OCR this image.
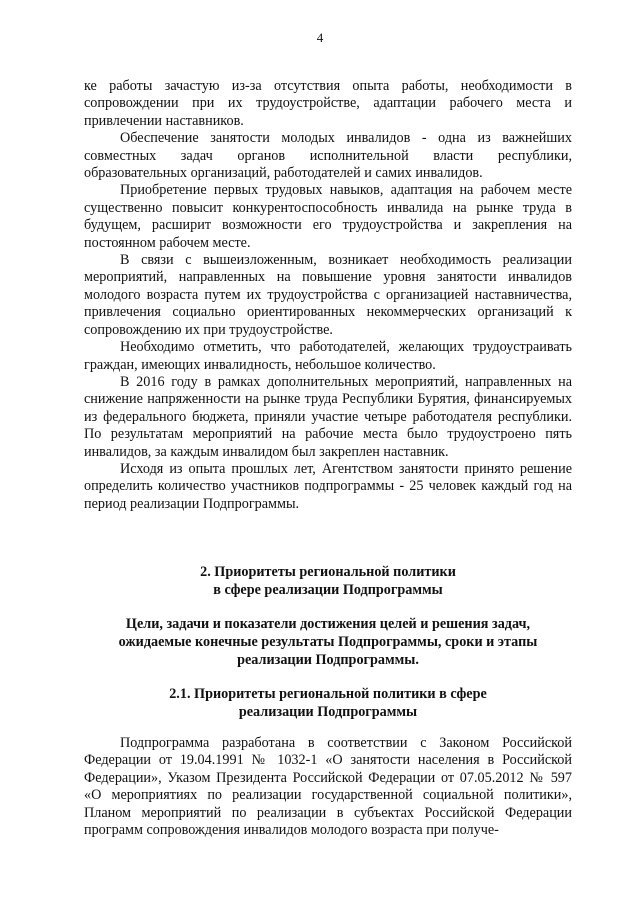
4

ке работы зачастую из-за отсутствия опыта работы, необходимости в сопровождении при их трудоустройстве, адаптации рабочего места и привлечении наставников.

Обеспечение занятости молодых инвалидов - одна из важнейших совместных задач органов исполнительной власти республики, образовательных организаций, работодателей и самих инвалидов.

Приобретение первых трудовых навыков, адаптация на рабочем месте существенно повысит конкурентоспособность инвалида на рынке труда в будущем, расширит возможности его трудоустройства и закрепления на постоянном рабочем месте.

В связи с вышеизложенным, возникает необходимость реализации мероприятий, направленных на повышение уровня занятости инвалидов молодого возраста путем их трудоустройства с организацией наставничества, привлечения социально ориентированных некоммерческих организаций к сопровождению их при трудоустройстве.

Необходимо отметить, что работодателей, желающих трудоустраивать граждан, имеющих инвалидность, небольшое количество.

В 2016 году в рамках дополнительных мероприятий, направленных на снижение напряженности на рынке труда Республики Бурятия, финансируемых из федерального бюджета, приняли участие четыре работодателя республики. По результатам мероприятий на рабочие места было трудоустроено пять инвалидов, за каждым инвалидом был закреплен наставник.

Исходя из опыта прошлых лет, Агентством занятости принято решение определить количество участников подпрограммы - 25 человек каждый год на период реализации Подпрограммы.

2. Приоритеты региональной политики
в сфере реализации Подпрограммы
Цели, задачи и показатели достижения целей и решения задач,
ожидаемые конечные результаты Подпрограммы, сроки и этапы
реализации Подпрограммы.
2.1. Приоритеты региональной политики в сфере
реализации Подпрограммы

Подпрограмма разработана в соответствии с Законом Российской Федерации от 19.04.1991 № 1032-1 «О занятости населения в Российской Федерации», Указом Президента Российской Федерации от 07.05.2012 № 597 «О мероприятиях по реализации государственной социальной политики», Планом мероприятий по реализации в субъектах Российской Федерации программ сопровождения инвалидов молодого возраста при получе-
